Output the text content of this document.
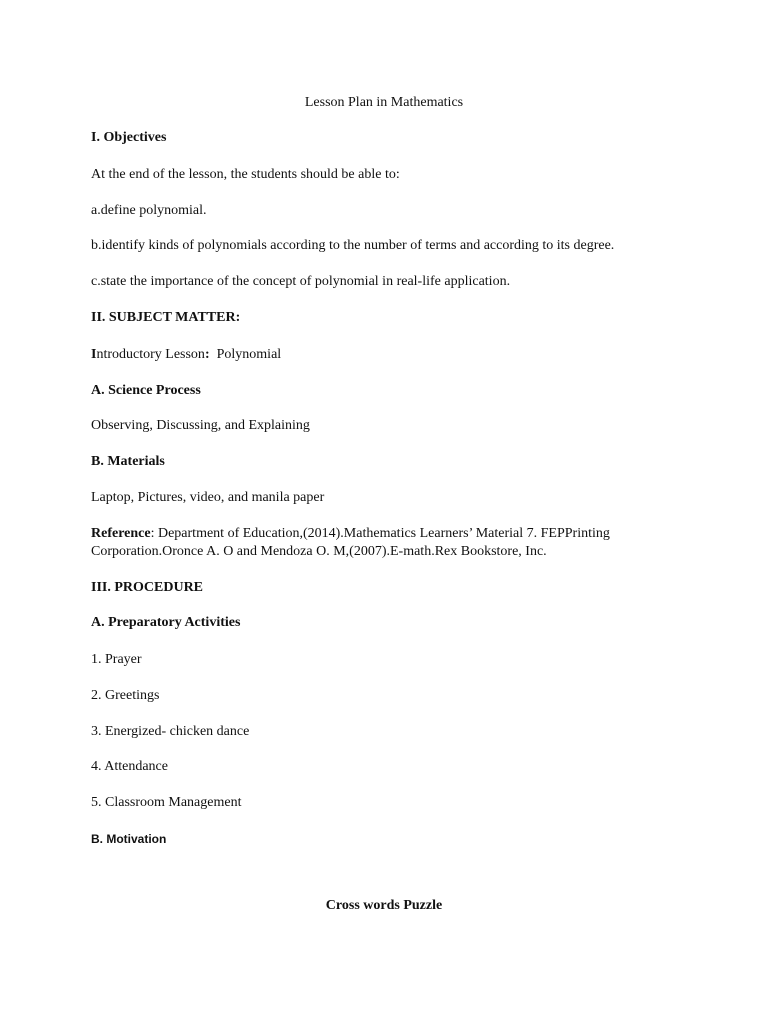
Lesson Plan in Mathematics
I. Objectives
At the end of the lesson, the students should be able to:
a.define polynomial.
b.identify kinds of polynomials according to the number of terms and according to its degree.
c.state the importance of the concept of polynomial in real-life application.
II. SUBJECT MATTER:
Introductory Lesson: Polynomial
A. Science Process
Observing, Discussing, and Explaining
B. Materials
Laptop, Pictures, video, and manila paper
Reference: Department of Education,(2014).Mathematics Learners’ Material 7. FEPPrinting
Corporation.Oronce A. O and Mendoza O. M,(2007).E-math.Rex Bookstore, Inc.
III. PROCEDURE
A. Preparatory Activities
1. Prayer
2. Greetings
3. Energized- chicken dance
4. Attendance
5. Classroom Management
B. Motivation
Cross words Puzzle
